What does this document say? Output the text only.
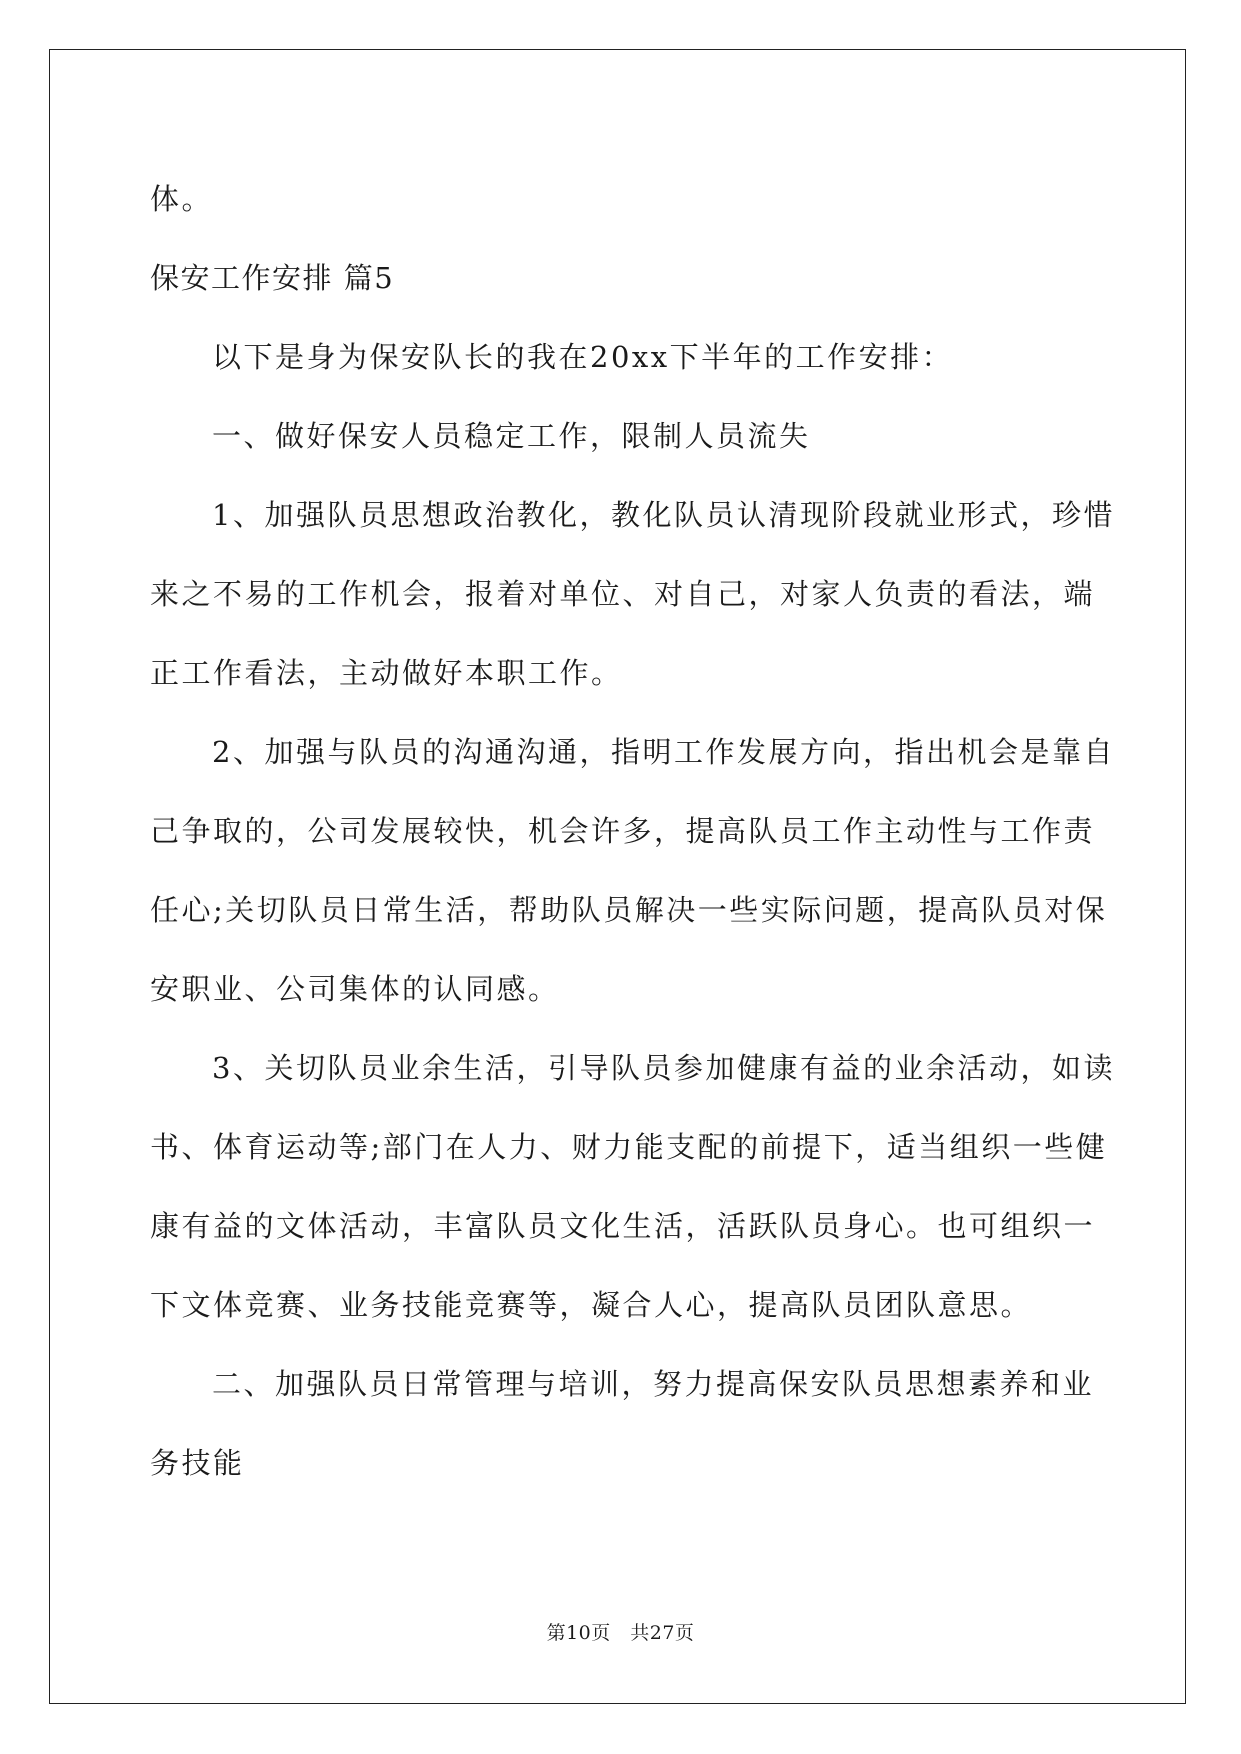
体。
保安工作安排 篇5
以下是身为保安队长的我在20xx下半年的工作安排：
一、做好保安人员稳定工作，限制人员流失
1、加强队员思想政治教化，教化队员认清现阶段就业形式，珍惜
来之不易的工作机会，报着对单位、对自己，对家人负责的看法，端
正工作看法，主动做好本职工作。
2、加强与队员的沟通沟通，指明工作发展方向，指出机会是靠自
己争取的，公司发展较快，机会许多，提高队员工作主动性与工作责
任心;关切队员日常生活，帮助队员解决一些实际问题，提高队员对保
安职业、公司集体的认同感。
3、关切队员业余生活，引导队员参加健康有益的业余活动，如读
书、体育运动等;部门在人力、财力能支配的前提下，适当组织一些健
康有益的文体活动，丰富队员文化生活，活跃队员身心。也可组织一
下文体竞赛、业务技能竞赛等，凝合人心，提高队员团队意思。
二、加强队员日常管理与培训，努力提高保安队员思想素养和业
务技能
第10页　共27页
